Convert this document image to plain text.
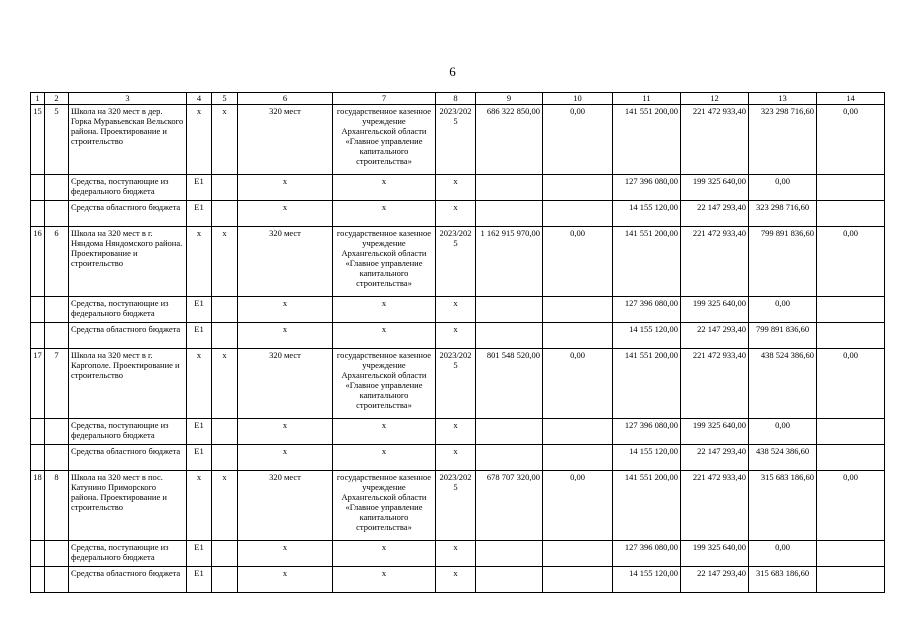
6
1	2	3	4	5	6	7	8	9	10	11	12	13	14
15	5	Школа на 320 мест в дер. Горка Муравьевская Вельского района. Проектирование и строительство	х	х	320 мест	государственное казенное учреждение Архангельской области «Главное управление капитального строительства»	2023/2025	686 322 850,00	0,00	141 551 200,00	221 472 933,40	323 298 716,60	0,00
		Средства, поступающие из федерального бюджета	Е1		х	х	х			127 396 080,00	199 325 640,00	0,00	
		Средства областного бюджета	Е1		х	х	х			14 155 120,00	22 147 293,40	323 298 716,60	
16	6	Школа на 320 мест в г. Няндома Няндомского района. Проектирование и строительство	х	х	320 мест	государственное казенное учреждение Архангельской области «Главное управление капитального строительства»	2023/2025	1 162 915 970,00	0,00	141 551 200,00	221 472 933,40	799 891 836,60	0,00
		Средства, поступающие из федерального бюджета	Е1		х	х	х			127 396 080,00	199 325 640,00	0,00	
		Средства областного бюджета	Е1		х	х	х			14 155 120,00	22 147 293,40	799 891 836,60	
17	7	Школа на 320 мест в г. Каргополе. Проектирование и строительство	х	х	320 мест	государственное казенное учреждение Архангельской области «Главное управление капитального строительства»	2023/2025	801 548 520,00	0,00	141 551 200,00	221 472 933,40	438 524 386,60	0,00
		Средства, поступающие из федерального бюджета	Е1		х	х	х			127 396 080,00	199 325 640,00	0,00	
		Средства областного бюджета	Е1		х	х	х			14 155 120,00	22 147 293,40	438 524 386,60	
18	8	Школа на 320 мест в пос. Катунино Приморского района. Проектирование и строительство	х	х	320 мест	государственное казенное учреждение Архангельской области «Главное управление капитального строительства»	2023/2025	678 707 320,00	0,00	141 551 200,00	221 472 933,40	315 683 186,60	0,00
		Средства, поступающие из федерального бюджета	Е1		х	х	х			127 396 080,00	199 325 640,00	0,00	
		Средства областного бюджета	Е1		х	х	х			14 155 120,00	22 147 293,40	315 683 186,60	
